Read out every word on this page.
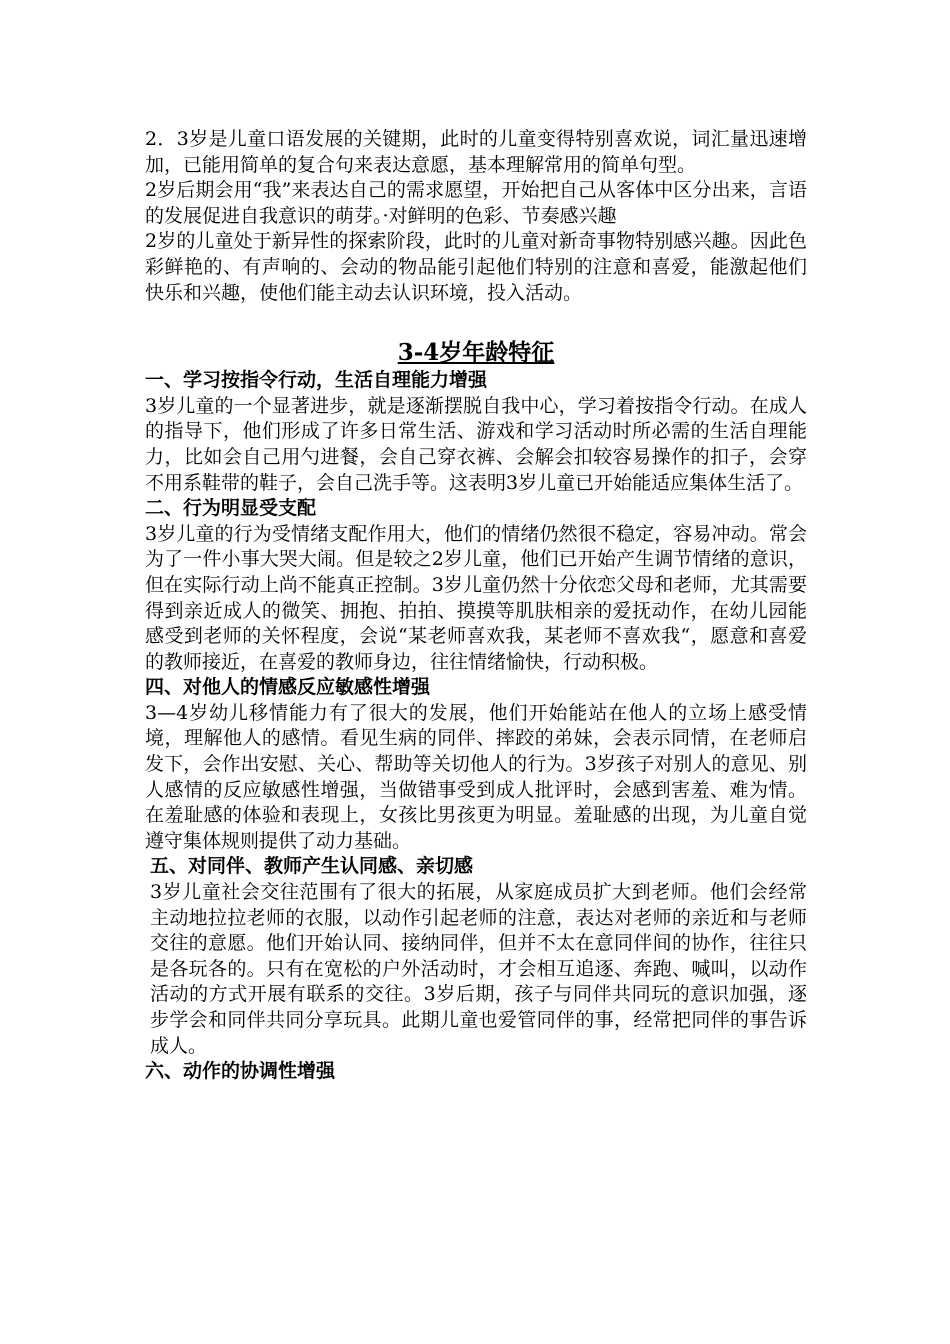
2．3岁是儿童口语发展的关键期，此时的儿童变得特别喜欢说，词汇量迅速增加，已能用简单的复合句来表达意愿，基本理解常用的简单句型。

2岁后期会用“我”来表达自己的需求愿望，开始把自己从客体中区分出来，言语的发展促进自我意识的萌芽。·对鲜明的色彩、节奏感兴趣

2岁的儿童处于新异性的探索阶段，此时的儿童对新奇事物特别感兴趣。因此色彩鲜艳的、有声响的、会动的物品能引起他们特别的注意和喜爱，能激起他们快乐和兴趣，使他们能主动去认识环境，投入活动。

3-4岁年龄特征
一、学习按指令行动，生活自理能力增强

3岁儿童的一个显著进步，就是逐渐摆脱自我中心，学习着按指令行动。在成人的指导下，他们形成了许多日常生活、游戏和学习活动时所必需的生活自理能力，比如会自己用勺进餐，会自己穿衣裤、会解会扣较容易操作的扣子，会穿不用系鞋带的鞋子，会自己洗手等。这表明3岁儿童已开始能适应集体生活了。

二、行为明显受支配

3岁儿童的行为受情绪支配作用大，他们的情绪仍然很不稳定，容易冲动。常会为了一件小事大哭大闹。但是较之2岁儿童，他们已开始产生调节情绪的意识，但在实际行动上尚不能真正控制。3岁儿童仍然十分依恋父母和老师，尤其需要得到亲近成人的微笑、拥抱、拍拍、摸摸等肌肤相亲的爱抚动作，在幼儿园能感受到老师的关怀程度，会说“某老师喜欢我，某老师不喜欢我“，愿意和喜爱的教师接近，在喜爱的教师身边，往往情绪愉快，行动积极。

四、对他人的情感反应敏感性增强

3—4岁幼儿移情能力有了很大的发展，他们开始能站在他人的立场上感受情境，理解他人的感情。看见生病的同伴、摔跤的弟妹，会表示同情，在老师启发下，会作出安慰、关心、帮助等关切他人的行为。3岁孩子对别人的意见、别人感情的反应敏感性增强，当做错事受到成人批评时，会感到害羞、难为情。在羞耻感的体验和表现上，女孩比男孩更为明显。羞耻感的出现，为儿童自觉遵守集体规则提供了动力基础。

五、对同伴、教师产生认同感、亲切感

3岁儿童社会交往范围有了很大的拓展，从家庭成员扩大到老师。他们会经常主动地拉拉老师的衣服，以动作引起老师的注意，表达对老师的亲近和与老师交往的意愿。他们开始认同、接纳同伴，但并不太在意同伴间的协作，往往只是各玩各的。只有在宽松的户外活动时，才会相互追逐、奔跑、喊叫，以动作活动的方式开展有联系的交往。3岁后期，孩子与同伴共同玩的意识加强，逐步学会和同伴共同分享玩具。此期儿童也爱管同伴的事，经常把同伴的事告诉成人。

六、动作的协调性增强
